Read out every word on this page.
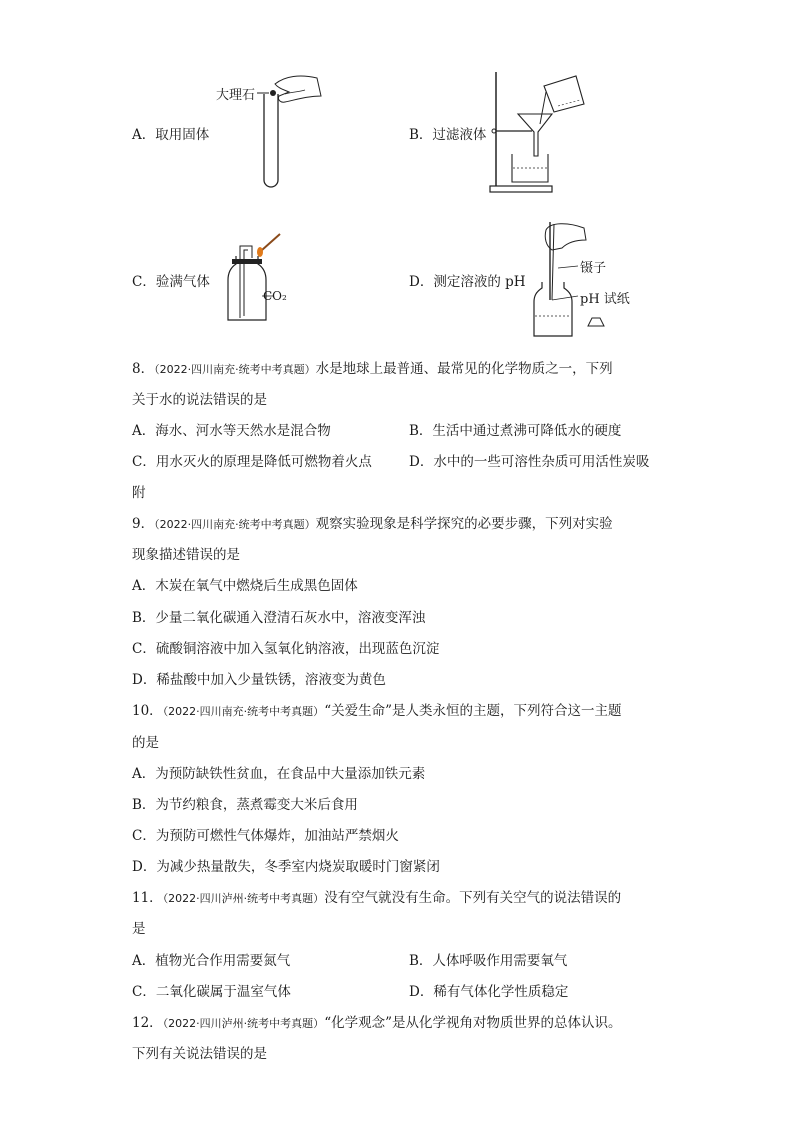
A．取用固体
大理石
B．过滤液体
C．验满气体
CO₂
D．测定溶液的 pH
镊子
pH 试纸
8．（2022·四川南充·统考中考真题）水是地球上最普通、最常见的化学物质之一，下列
关于水的说法错误的是
A．海水、河水等天然水是混合物	B．生活中通过煮沸可降低水的硬度
C．用水灭火的原理是降低可燃物着火点	D．水中的一些可溶性杂质可用活性炭吸
附
9．（2022·四川南充·统考中考真题）观察实验现象是科学探究的必要步骤，下列对实验
现象描述错误的是
A．木炭在氧气中燃烧后生成黑色固体
B．少量二氧化碳通入澄清石灰水中，溶液变浑浊
C．硫酸铜溶液中加入氢氧化钠溶液，出现蓝色沉淀
D．稀盐酸中加入少量铁锈，溶液变为黄色
10．（2022·四川南充·统考中考真题）“关爱生命”是人类永恒的主题，下列符合这一主题
的是
A．为预防缺铁性贫血，在食品中大量添加铁元素
B．为节约粮食，蒸煮霉变大米后食用
C．为预防可燃性气体爆炸，加油站严禁烟火
D．为减少热量散失，冬季室内烧炭取暖时门窗紧闭
11．（2022·四川泸州·统考中考真题）没有空气就没有生命。下列有关空气的说法错误的
是
A．植物光合作用需要氮气	B．人体呼吸作用需要氧气
C．二氧化碳属于温室气体	D．稀有气体化学性质稳定
12．（2022·四川泸州·统考中考真题）“化学观念”是从化学视角对物质世界的总体认识。
下列有关说法错误的是
